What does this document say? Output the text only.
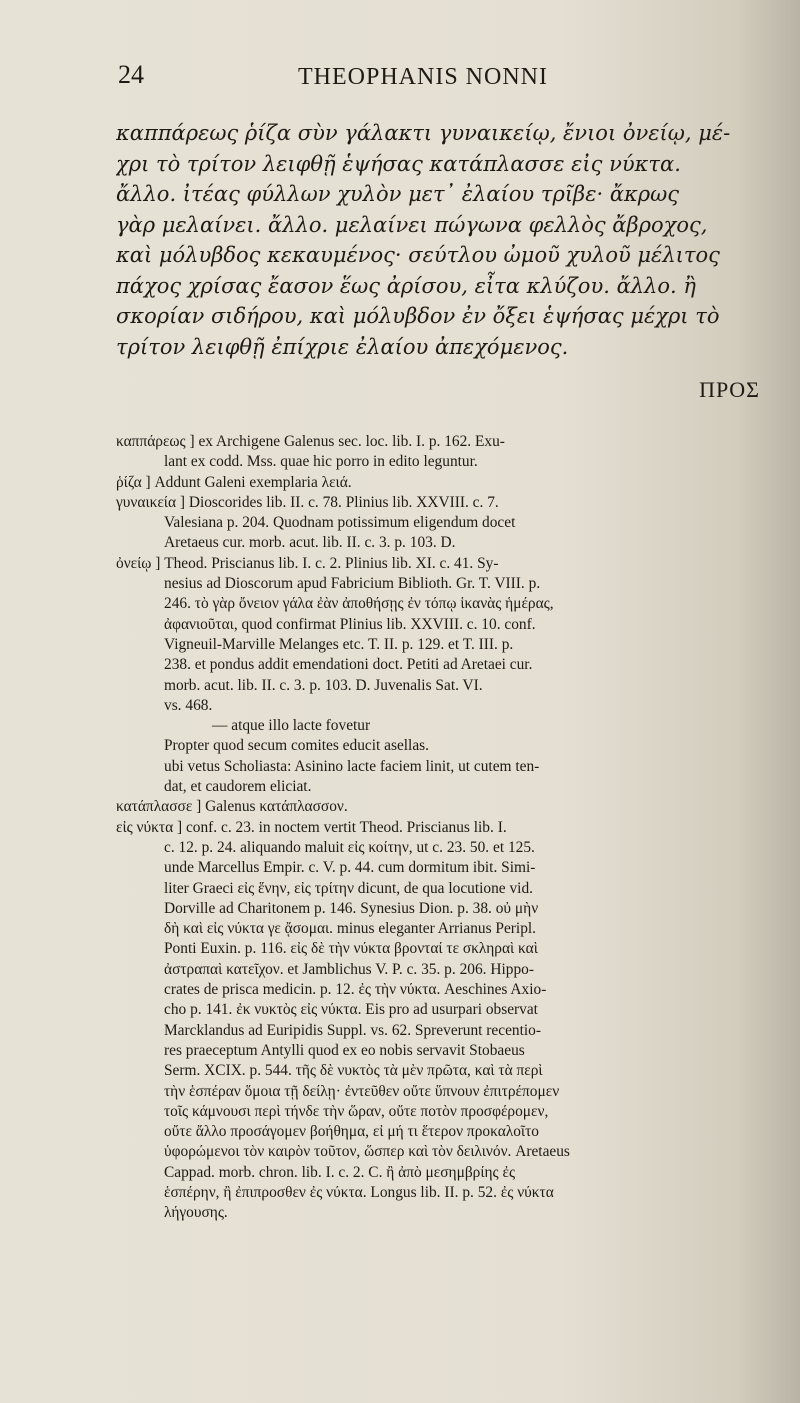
24	THEOPHANIS NONNI
καππάρεως ῥίζα σὺν γάλακτι γυναικείῳ, ἔνιοι ὀνείῳ, μέ-
χρι τὸ τρίτον λειφθῇ ἑψήσας κατάπλασσε εἰς νύκτα.
ἄλλο. ἰτέας φύλλων χυλὸν μετ᾽ ἐλαίου τρῖβε· ἄκρως
γὰρ μελαίνει. ἄλλο. μελαίνει πώγωνα φελλὸς ἄβροχος,
καὶ μόλυβδος κεκαυμένος· σεύτλου ὠμοῦ χυλοῦ μέλιτος
πάχος χρίσας ἔασον ἕως ἀρίσου, εἶτα κλύζου. ἄλλο. ἢ
σκορίαν σιδήρου, καὶ μόλυβδον ἐν ὄξει ἑψήσας μέχρι τὸ
τρίτον λειφθῇ ἐπίχριε ἐλαίου ἀπεχόμενος.
ΠΡΟΣ
καππάρεως ] ex Archigene Galenus sec. loc. lib. I. p. 162. Exu-
lant ex codd. Mss. quae hic porro in edito leguntur.
ῥίζα ] Addunt Galeni exemplaria λειά.
γυναικεία ] Dioscorides lib. II. c. 78. Plinius lib. XXVIII. c. 7.
Valesiana p. 204. Quodnam potissimum eligendum docet
Aretaeus cur. morb. acut. lib. II. c. 3. p. 103. D.
ὀνείῳ ] Theod. Priscianus lib. I. c. 2. Plinius lib. XI. c. 41. Sy-
nesius ad Dioscorum apud Fabricium Biblioth. Gr. T. VIII. p.
246. τὸ γὰρ ὄνειον γάλα ἐὰν ἀποθήσῃς ἐν τόπῳ ἱκανὰς ἡμέρας,
ἀφανιοῦται, quod confirmat Plinius lib. XXVIII. c. 10. conf.
Vigneuil-Marville Melanges etc. T. II. p. 129. et T. III. p.
238. et pondus addit emendationi doct. Petiti ad Aretaei cur.
morb. acut. lib. II. c. 3. p. 103. D. Juvenalis Sat. VI.
vs. 468.
— atque illo lacte fovetur
Propter quod secum comites educit asellas.
ubi vetus Scholiasta: Asinino lacte faciem linit, ut cutem ten-
dat, et caudorem eliciat.
κατάπλασσε ] Galenus κατάπλασσον.
εἰς νύκτα ] conf. c. 23. in noctem vertit Theod. Priscianus lib. I.
c. 12. p. 24. aliquando maluit εἰς κοίτην, ut c. 23. 50. et 125.
unde Marcellus Empir. c. V. p. 44. cum dormitum ibit. Simi-
liter Graeci εἰς ἕνην, εἰς τρίτην dicunt, de qua locutione vid.
Dorville ad Charitonem p. 146. Synesius Dion. p. 38. οὐ μὴν
δὴ καὶ εἰς νύκτα γε ᾄσομαι. minus eleganter Arrianus Peripl.
Ponti Euxin. p. 116. εἰς δὲ τὴν νύκτα βρονταί τε σκληραὶ καὶ
ἀστραπαὶ κατεῖχον. et Jamblichus V. P. c. 35. p. 206. Hippo-
crates de prisca medicin. p. 12. ἐς τὴν νύκτα. Aeschines Axio-
cho p. 141. ἐκ νυκτὸς εἰς νύκτα. Eis pro ad usurpari observat
Marcklandus ad Euripidis Suppl. vs. 62. Spreverunt recentio-
res praeceptum Antylli quod ex eo nobis servavit Stobaeus
Serm. XCIX. p. 544. τῆς δὲ νυκτὸς τὰ μὲν πρῶτα, καὶ τὰ περὶ
τὴν ἑσπέραν ὅμοια τῇ δείλῃ· ἐντεῦθεν οὔτε ὕπνουν ἐπιτρέπομεν
τοῖς κάμνουσι περὶ τήνδε τὴν ὥραν, οὔτε ποτὸν προσφέρομεν,
οὔτε ἄλλο προσάγομεν βοήθημα, εἰ μή τι ἕτερον προκαλοῖτο
ὑφορώμενοι τὸν καιρὸν τοῦτον, ὥσπερ καὶ τὸν δειλινόν. Aretaeus
Cappad. morb. chron. lib. I. c. 2. C. ἢ ἀπὸ μεσημβρίης ἐς
ἑσπέρην, ἢ ἐπιπροσθεν ἐς νύκτα. Longus lib. II. p. 52. ἐς νύκτα
λήγουσης.
